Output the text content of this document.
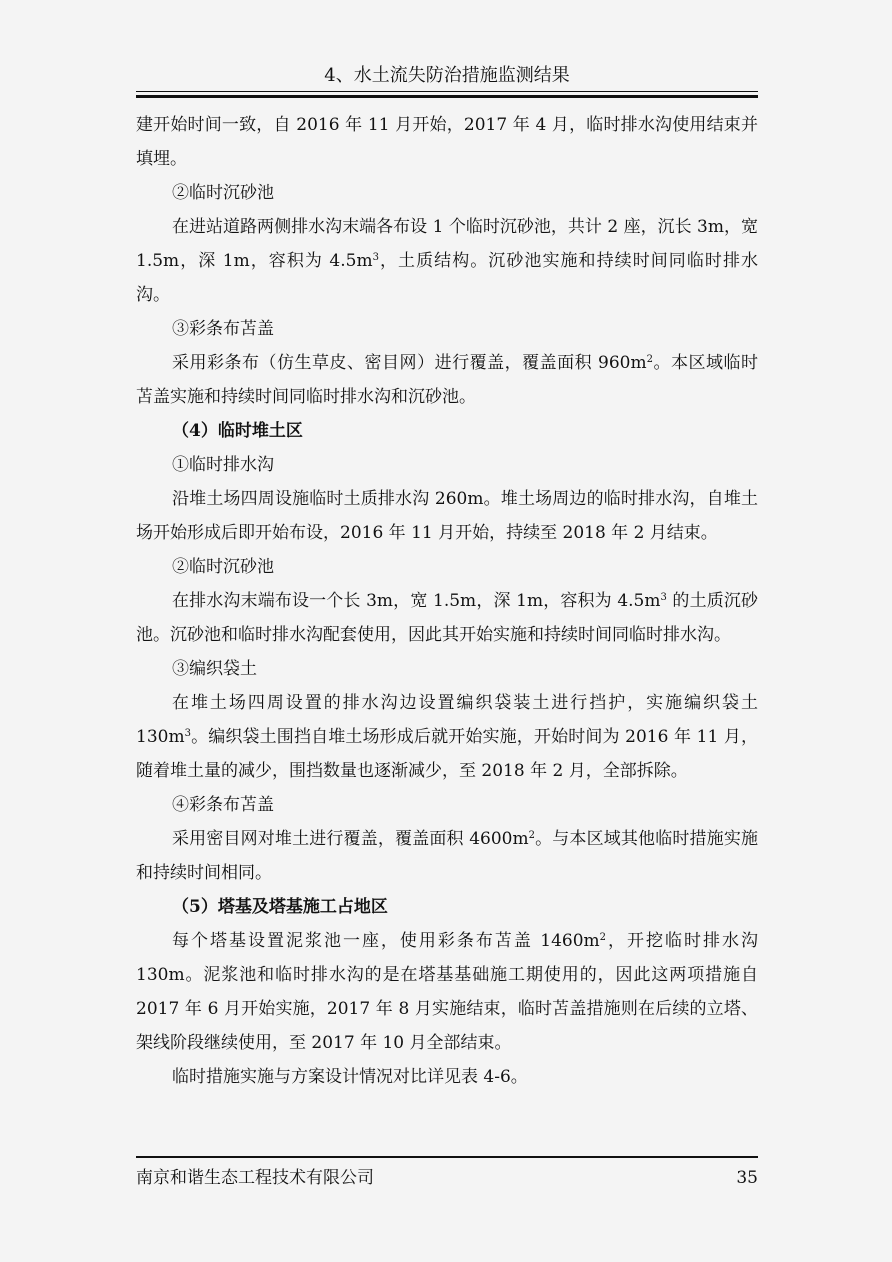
4、水土流失防治措施监测结果

建开始时间一致，自 2016 年 11 月开始，2017 年 4 月，临时排水沟使用结束并填埋。

②临时沉砂池

在进站道路两侧排水沟末端各布设 1 个临时沉砂池，共计 2 座，沉长 3m，宽 1.5m，深 1m，容积为 $4.5m^3$，土质结构。沉砂池实施和持续时间同临时排水沟。

③彩条布苫盖

采用彩条布（仿生草皮、密目网）进行覆盖，覆盖面积 $960m^2$。本区域临时苫盖实施和持续时间同临时排水沟和沉砂池。

（4）临时堆土区

①临时排水沟

沿堆土场四周设施临时土质排水沟 260m。堆土场周边的临时排水沟，自堆土场开始形成后即开始布设，2016 年 11 月开始，持续至 2018 年 2 月结束。

②临时沉砂池

在排水沟末端布设一个长 3m，宽 1.5m，深 1m，容积为 $4.5m^3$ 的土质沉砂池。沉砂池和临时排水沟配套使用，因此其开始实施和持续时间同临时排水沟。

③编织袋土

在堆土场四周设置的排水沟边设置编织袋装土进行挡护，实施编织袋土 $130m^3$。编织袋土围挡自堆土场形成后就开始实施，开始时间为 2016 年 11 月，随着堆土量的减少，围挡数量也逐渐减少，至 2018 年 2 月，全部拆除。

④彩条布苫盖

采用密目网对堆土进行覆盖，覆盖面积 $4600m^2$。与本区域其他临时措施实施和持续时间相同。

（5）塔基及塔基施工占地区

每个塔基设置泥浆池一座，使用彩条布苫盖 $1460m^2$，开挖临时排水沟 130m。泥浆池和临时排水沟的是在塔基基础施工期使用的，因此这两项措施自 2017 年 6 月开始实施，2017 年 8 月实施结束，临时苫盖措施则在后续的立塔、架线阶段继续使用，至 2017 年 10 月全部结束。

临时措施实施与方案设计情况对比详见表 4-6。

南京和谐生态工程技术有限公司	35
